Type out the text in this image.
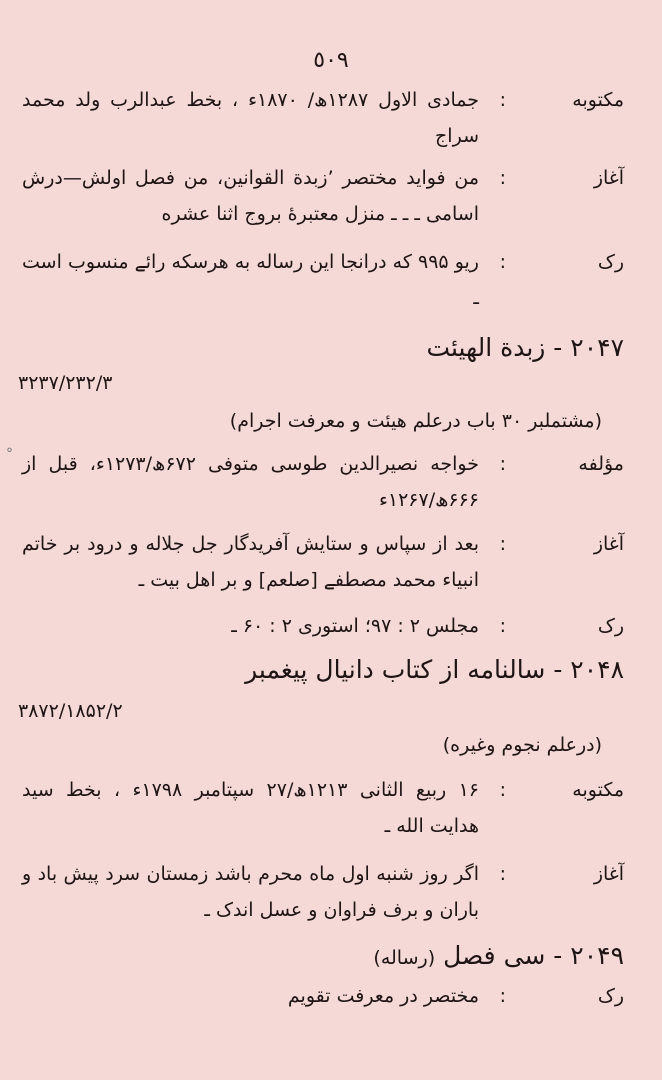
٥٠٩
مکتوبه
:
جمادی الاول ۱۲۸۷ھ/ ۱۸۷۰ء ، بخط عبدالرب ولد محمد سراج
آغاز
:
من فواید مختصر ’زبدة القوانین، من فصل اولش—درش اسامی ـ ـ ـ منزل معتبرۀ بروج اثنا عشره
رک
:
ریو ۹۹۵ که درانجا این رساله به هرسکه رائے منسوب است ـ
۲۰۴۷ - زبدة الهیئت
۳۲۳۷/۲۳۲/۳
(مشتملبر ۳۰ باب درعلم هیئت و معرفت اجرام)
°	مؤلفه
:
خواجه نصیرالدین طوسی متوفی ۶۷۲ھ/۱۲۷۳ء، قبل از ۶۶۶ھ/۱۲۶۷ء
آغاز
:
بعد از سپاس و ستایش آفریدگار جل جلاله و درود بر خاتم انبیاء محمد مصطفے [صلعم] و بر اهل بیت ـ
رک
:
مجلس ۲ : ۹۷؛ استوری ۲ : ۶۰ ـ
۲۰۴۸ - سالنامه از کتاب دانیال پیغمبر
۳۸۷۲/۱۸۵۲/۲
(درعلم نجوم وغیره)
مکتوبه
:
۱۶ ربیع الثانی ۱۲۱۳ھ/۲۷ سپتامبر ۱۷۹۸ء ، بخط سید هدایت الله ـ
آغاز
:
اگر روز شنبه اول ماه محرم باشد زمستان سرد پیش باد و باران و برف فراوان و عسل اندک ـ
۲۰۴۹ - سی فصل (رساله)
رک
:
مختصر در معرفت تقویم
